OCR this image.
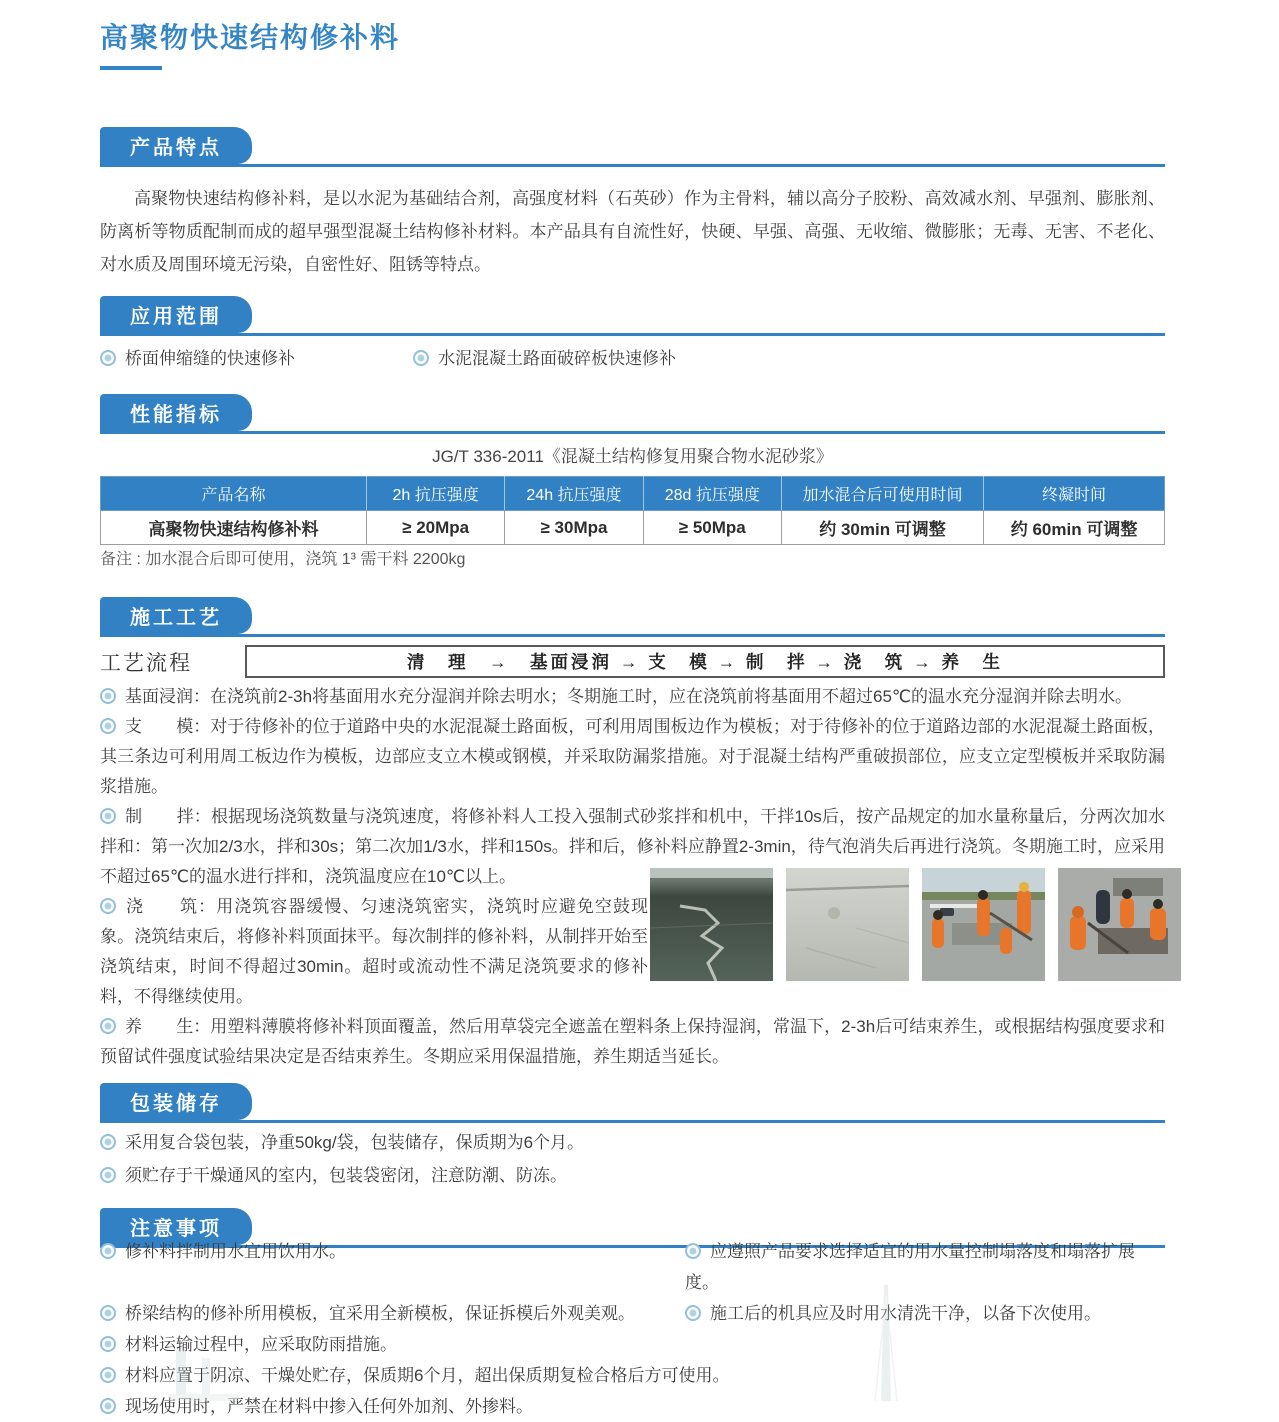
高聚物快速结构修补料
产品特点
高聚物快速结构修补料，是以水泥为基础结合剂，高强度材料（石英砂）作为主骨料，辅以高分子胶粉、高效减水剂、早强剂、膨胀剂、防离析等物质配制而成的超早强型混凝土结构修补材料。本产品具有自流性好，快硬、早强、高强、无收缩、微膨胀；无毒、无害、不老化、对水质及周围环境无污染，自密性好、阻锈等特点。
应用范围
桥面伸缩缝的快速修补	水泥混凝土路面破碎板快速修补
性能指标
JG/T 336-2011《混凝土结构修复用聚合物水泥砂浆》
产品名称	2h 抗压强度	24h 抗压强度	28d 抗压强度	加水混合后可使用时间	终凝时间
高聚物快速结构修补料	≥ 20Mpa	≥ 30Mpa	≥ 50Mpa	约 30min 可调整	约 60min 可调整
备注 : 加水混合后即可使用，浇筑 1³ 需干料 2200kg
施工工艺
工艺流程	清　理　→　基面浸润 → 支　模 → 制　拌 → 浇　筑 → 养　生

基面浸润：在浇筑前2-3h将基面用水充分湿润并除去明水；冬期施工时，应在浇筑前将基面用不超过65℃的温水充分湿润并除去明水。

支　　模：对于待修补的位于道路中央的水泥混凝土路面板，可利用周围板边作为模板；对于待修补的位于道路边部的水泥混凝土路面板，其三条边可利用周工板边作为模板，边部应支立木模或钢模，并采取防漏浆措施。对于混凝土结构严重破损部位，应支立定型模板并采取防漏浆措施。

制　　拌：根据现场浇筑数量与浇筑速度，将修补料人工投入强制式砂浆拌和机中，干拌10s后，按产品规定的加水量称量后，分两次加水拌和：第一次加2/3水，拌和30s；第二次加1/3水，拌和150s。拌和后，修补料应静置2-3min，待气泡消失后再进行浇筑。冬期施工时，应采用不超过65℃的温水进行拌和，浇筑温度应在10℃以上。

浇　　筑：用浇筑容器缓慢、匀速浇筑密实，浇筑时应避免空鼓现象。浇筑结束后，将修补料顶面抹平。每次制拌的修补料，从制拌开始至浇筑结束，时间不得超过30min。超时或流动性不满足浇筑要求的修补料，不得继续使用。

养　　生：用塑料薄膜将修补料顶面覆盖，然后用草袋完全遮盖在塑料条上保持湿润，常温下，2-3h后可结束养生，或根据结构强度要求和预留试件强度试验结果决定是否结束养生。冬期应采用保温措施，养生期适当延长。

包装储存

采用复合袋包装，净重50kg/袋，包装储存，保质期为6个月。

须贮存于干燥通风的室内，包装袋密闭，注意防潮、防冻。

注意事项
修补料拌制用水宜用饮用水。	应遵照产品要求选择适宜的用水量控制塌落度和塌落扩展度。
桥梁结构的修补所用模板，宜采用全新模板，保证拆模后外观美观。	施工后的机具应及时用水清洗干净，以备下次使用。
材料运输过程中，应采取防雨措施。
材料应置于阴凉、干燥处贮存，保质期6个月，超出保质期复检合格后方可使用。
现场使用时，严禁在材料中掺入任何外加剂、外掺料。
